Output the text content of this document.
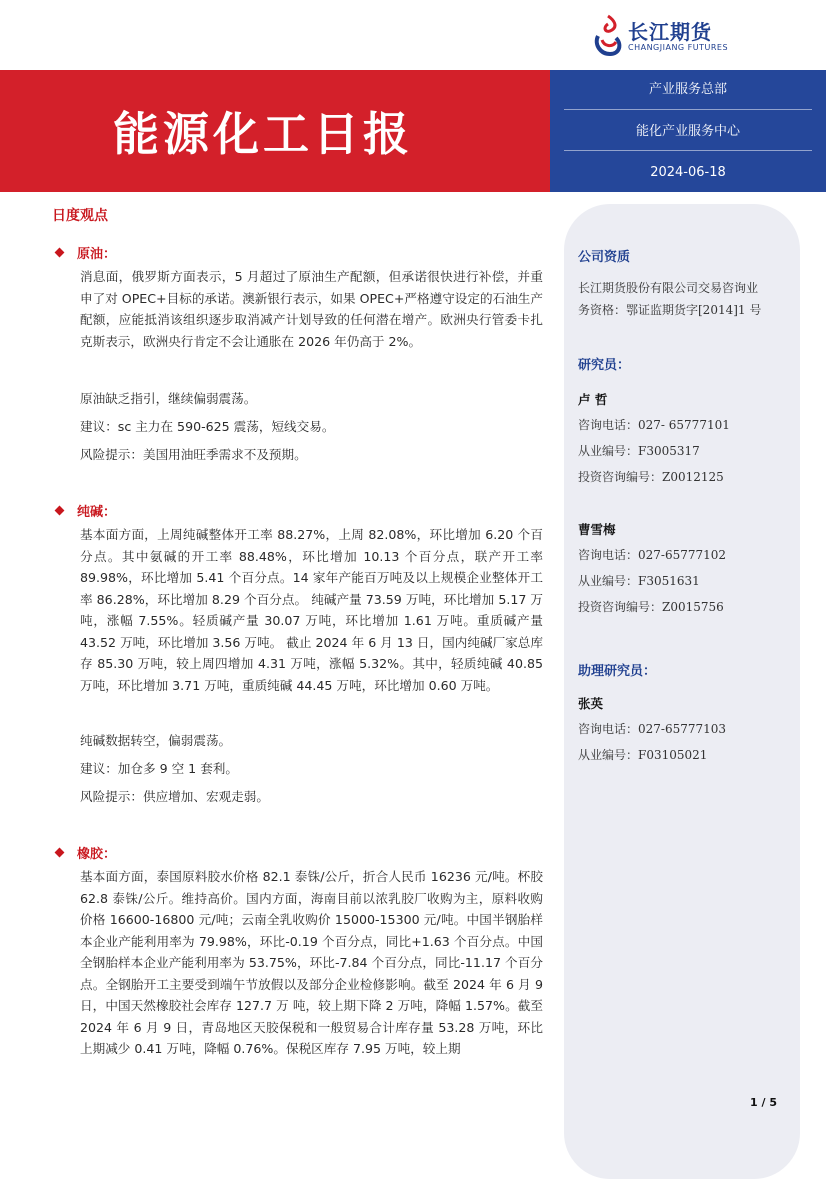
长江期货
CHANGJIANG FUTURES
能源化工日报
产业服务总部
能化产业服务中心
2024-06-18
日度观点
原油：
消息面，俄罗斯方面表示，5 月超过了原油生产配额，但承诺很快进行补偿，并重申了对 OPEC+目标的承诺。澳新银行表示，如果 OPEC+严格遵守设定的石油生产配额，应能抵消该组织逐步取消减产计划导致的任何潜在增产。欧洲央行管委卡扎克斯表示，欧洲央行肯定不会让通胀在 2026 年仍高于 2%。
原油缺乏指引，继续偏弱震荡。
建议：sc 主力在 590-625 震荡，短线交易。
风险提示：美国用油旺季需求不及预期。
纯碱：
基本面方面，上周纯碱整体开工率 88.27%，上周 82.08%，环比增加 6.20 个百分点。其中氨碱的开工率 88.48%，环比增加 10.13 个百分点，联产开工率 89.98%，环比增加 5.41 个百分点。14 家年产能百万吨及以上规模企业整体开工率 86.28%，环比增加 8.29 个百分点。 纯碱产量 73.59 万吨，环比增加 5.17 万吨，涨幅 7.55%。轻质碱产量 30.07 万吨，环比增加 1.61 万吨。重质碱产量 43.52 万吨，环比增加 3.56 万吨。 截止 2024 年 6 月 13 日，国内纯碱厂家总库存 85.30 万吨，较上周四增加 4.31 万吨，涨幅 5.32%。其中，轻质纯碱 40.85 万吨，环比增加 3.71 万吨，重质纯碱 44.45 万吨，环比增加 0.60 万吨。
纯碱数据转空，偏弱震荡。
建议：加仓多 9 空 1 套利。
风险提示：供应增加、宏观走弱。
橡胶：
基本面方面，泰国原料胶水价格 82.1 泰铢/公斤，折合人民币 16236 元/吨。杯胶 62.8 泰铢/公斤。维持高价。国内方面，海南目前以浓乳胶厂收购为主，原料收购价格 16600-16800 元/吨；云南全乳收购价 15000-15300 元/吨。中国半钢胎样本企业产能利用率为 79.98%，环比-0.19 个百分点，同比+1.63 个百分点。中国全钢胎样本企业产能利用率为 53.75%，环比-7.84 个百分点，同比-11.17 个百分点。全钢胎开工主要受到端午节放假以及部分企业检修影响。截至 2024 年 6 月 9 日，中国天然橡胶社会库存 127.7 万 吨，较上期下降 2 万吨，降幅 1.57%。截至 2024 年 6 月 9 日，青岛地区天胶保税和一般贸易合计库存量 53.28 万吨，环比上期减少 0.41 万吨，降幅 0.76%。保税区库存 7.95 万吨，较上期
公司资质
长江期货股份有限公司交易咨询业
务资格：鄂证监期货字[2014]1 号
研究员：
卢 哲
咨询电话：027- 65777101
从业编号：F3005317
投资咨询编号：Z0012125
曹雪梅
咨询电话：027-65777102
从业编号：F3051631
投资咨询编号：Z0015756
助理研究员：
张英
咨询电话：027-65777103
从业编号：F03105021
1 / 5
